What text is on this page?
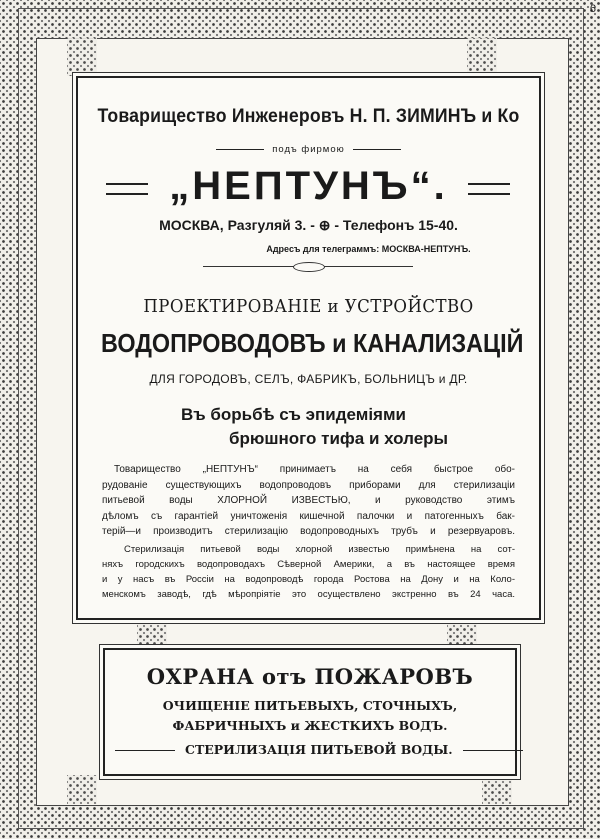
6
Товарищество Инженеровъ Н. П. ЗИМИНЪ и Ко
подъ фирмою
„НЕПТУНЪ“.
МОСКВА, Разгуляй 3. - ⊕ - Телефонъ 15-40.
Адресъ для телеграммъ: МОСКВА-НЕПТУНЪ.
ПРОЕКТИРОВАНІЕ и УСТРОЙСТВО
ВОДОПРОВОДОВЪ и КАНАЛИЗАЦІЙ
ДЛЯ ГОРОДОВЪ, СЕЛЪ, ФАБРИКЪ, БОЛЬНИЦЪ и ДР.
Въ борьбѣ съ эпидеміями
брюшного тифа и холеры
Товарищество „НЕПТУНЪ“ принимаетъ на себя быстрое обо-
рудованіе существующихъ водопроводовъ приборами для стерилизаціи
питьевой воды ХЛОРНОЙ ИЗВЕСТЬЮ, и руководство этимъ
дѣломъ съ гарантіей уничтоженія кишечной палочки и патогенныхъ бак-
терій—и производитъ стерилизацію водопроводныхъ трубъ и резервуаровъ.
Стерилизація питьевой воды хлорной известью примѣнена на сот-
няхъ городскихъ водопроводахъ Сѣверной Америки, а въ настоящее время
и у насъ въ Россіи на водопроводѣ города Ростова на Дону и на Коло-
менскомъ заводѣ, гдѣ мѣропріятіе это осуществлено экстренно въ 24 часа.
ОХРАНА отъ ПОЖАРОВЪ
ОЧИЩЕНІЕ ПИТЬЕВЫХЪ, СТОЧНЫХЪ,
ФАБРИЧНЫХЪ и ЖЕСТКИХЪ ВОДЪ.
СТЕРИЛИЗАЦІЯ ПИТЬЕВОЙ ВОДЫ.
